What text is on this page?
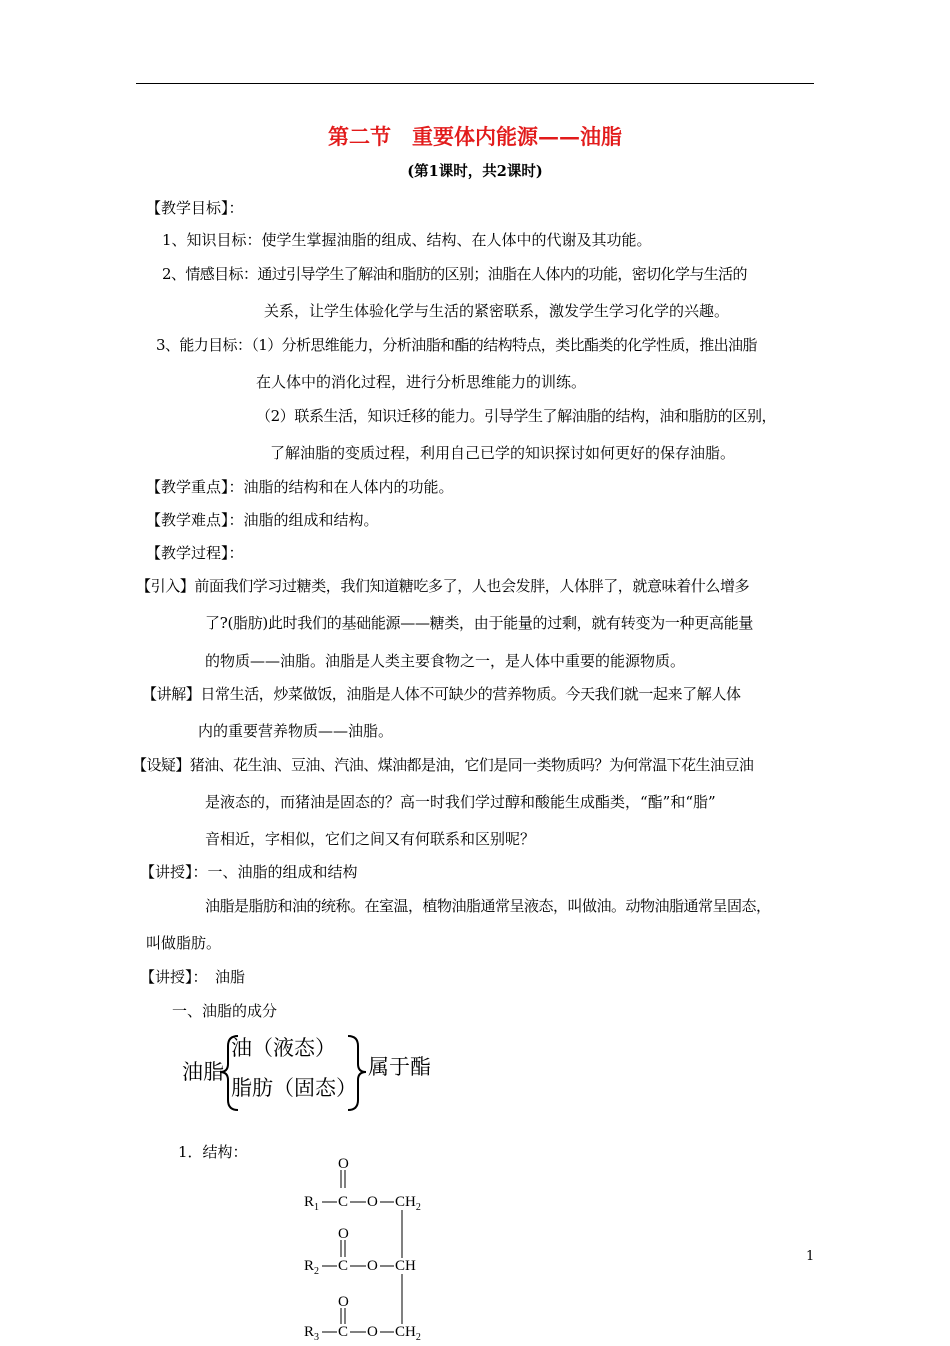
第二节　重要体内能源——油脂
(第1课时，共2课时)
【教学目标】：
1、知识目标：使学生掌握油脂的组成、结构、在人体中的代谢及其功能。
2、情感目标：通过引导学生了解油和脂肪的区别；油脂在人体内的功能，密切化学与生活的
关系，让学生体验化学与生活的紧密联系，激发学生学习化学的兴趣。
3、能力目标：（1）分析思维能力，分析油脂和酯的结构特点，类比酯类的化学性质，推出油脂
在人体中的消化过程，进行分析思维能力的训练。
（2）联系生活，知识迁移的能力。引导学生了解油脂的结构，油和脂肪的区别，
了解油脂的变质过程，利用自己已学的知识探讨如何更好的保存油脂。
【教学重点】：油脂的结构和在人体内的功能。
【教学难点】：油脂的组成和结构。
【教学过程】：
【引入】前面我们学习过糖类，我们知道糖吃多了，人也会发胖，人体胖了，就意味着什么增多
了?(脂肪)此时我们的基础能源——糖类，由于能量的过剩，就有转变为一种更高能量
的物质——油脂。油脂是人类主要食物之一，是人体中重要的能源物质。
【讲解】日常生活，炒菜做饭，油脂是人体不可缺少的营养物质。今天我们就一起来了解人体
内的重要营养物质——油脂。
【设疑】猪油、花生油、豆油、汽油、煤油都是油，它们是同一类物质吗？为何常温下花生油豆油
是液态的，而猪油是固态的？高一时我们学过醇和酸能生成酯类，“酯”和“脂”
音相近，字相似，它们之间又有何联系和区别呢？
【讲授】：一、油脂的组成和结构
油脂是脂肪和油的统称。在室温，植物油脂通常呈液态，叫做油。动物油脂通常呈固态，
叫做脂肪。
【讲授】：　油脂
一、油脂的成分
油脂
油（液态）
脂肪（固态）
属于酯
1．结构：
O
$R_1$ C O $CH_2$
O
$R_2$ C O CH
O
$R_3$ C O $CH_2$
1
